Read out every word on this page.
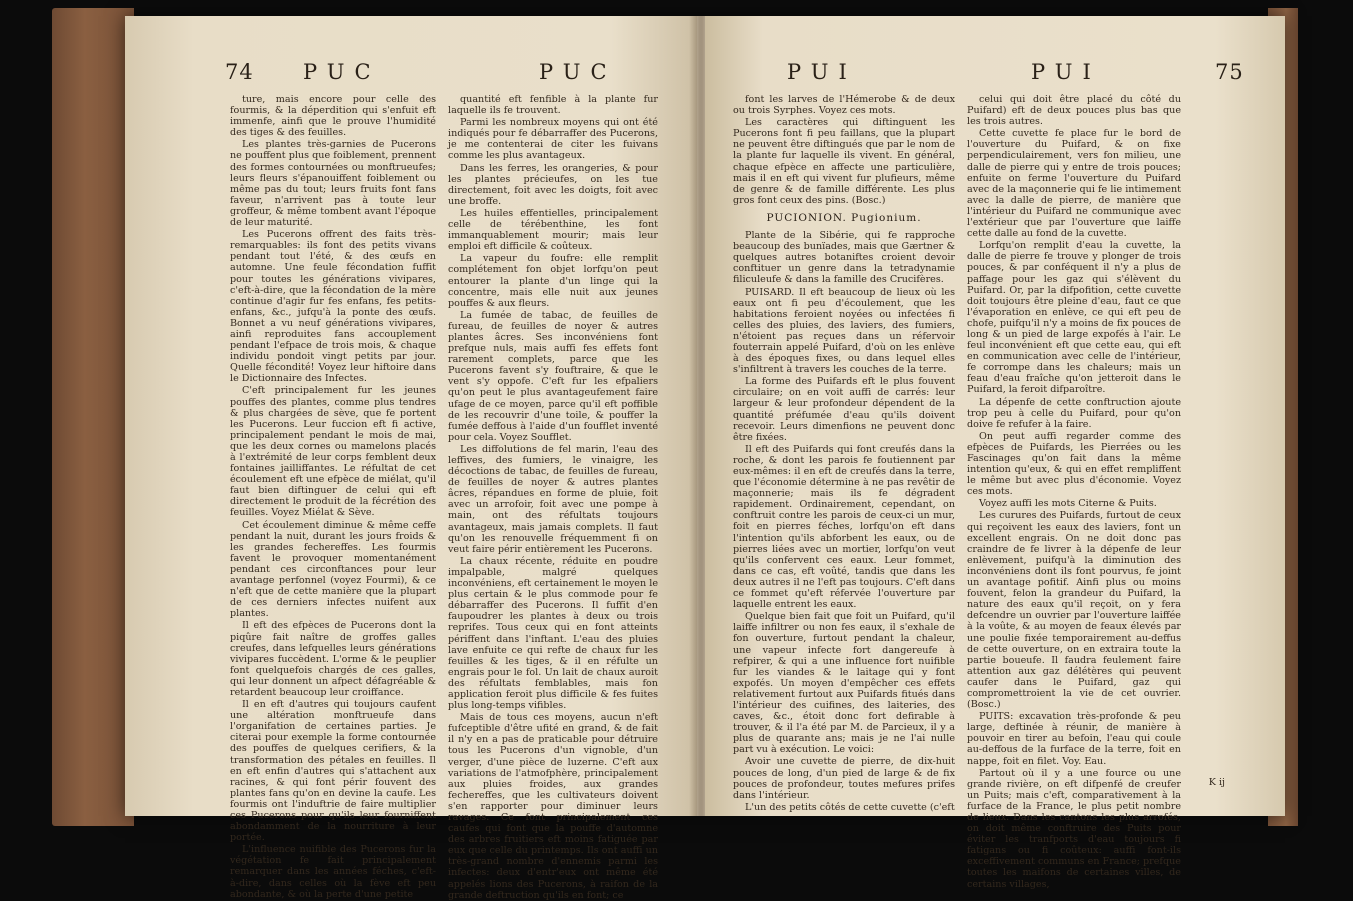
74 PUC	PUC

ture, mais encore pour celle des fourmis, & la déperdition qui s'enfuit eft immenfe, ainfi que le prouve l'humidité des tiges & des feuilles.

Les plantes très-garnies de Pucerons ne pouffent plus que foiblement, prennent des formes contournées ou monftrueufes; leurs fleurs s'épanouiffent foiblement ou même pas du tout; leurs fruits font fans faveur, n'arrivent pas à toute leur groffeur, & même tombent avant l'époque de leur maturité.

Les Pucerons offrent des faits très-remarquables: ils font des petits vivans pendant tout l'été, & des œufs en automne. Une feule fécondation fuffit pour toutes les générations vivipares, c'eft-à-dire, que la fécondation de la mère continue d'agir fur fes enfans, fes petits-enfans, &c., jufqu'à la ponte des œufs. Bonnet a vu neuf générations vivipares, ainfi reproduites fans accouplement pendant l'efpace de trois mois, & chaque individu pondoit vingt petits par jour. Quelle fécondité! Voyez leur hiftoire dans le Dictionnaire des Infectes.

C'eft principalement fur les jeunes pouffes des plantes, comme plus tendres & plus chargées de sève, que fe portent les Pucerons. Leur fuccion eft fi active, principalement pendant le mois de mai, que les deux cornes ou mamelons placés à l'extrémité de leur corps femblent deux fontaines jailliffantes. Le réfultat de cet écoulement eft une efpèce de miélat, qu'il faut bien diftinguer de celui qui eft directement le produit de la fécrétion des feuilles. Voyez Miélat & Sève.

Cet écoulement diminue & même ceffe pendant la nuit, durant les jours froids & les grandes fechereffes. Les fourmis favent le provoquer momentanément pendant ces circonftances pour leur avantage perfonnel (voyez Fourmi), & ce n'eft que de cette manière que la plupart de ces derniers infectes nuifent aux plantes.

Il eft des efpèces de Pucerons dont la piqûre fait naître de groffes galles creufes, dans lefquelles leurs générations vivipares fuccèdent. L'orme & le peuplier font quelquefois chargés de ces galles, qui leur donnent un afpect défagréable & retardent beaucoup leur croiffance.

Il en eft d'autres qui toujours caufent une altération monftrueufe dans l'organifation de certaines parties. Je citerai pour exemple la forme contournée des pouffes de quelques cerifiers, & la transformation des pétales en feuilles. Il en eft enfin d'autres qui s'attachent aux racines, & qui font périr fouvent des plantes fans qu'on en devine la caufe. Les fourmis ont l'induftrie de faire multiplier ces Pucerons pour qu'ils leur fourniffent abondamment de la nourriture à leur portée.

L'influence nuifible des Pucerons fur la végétation fe fait principalement remarquer dans les années féches, c'eft-à-dire, dans celles où la fève eft peu abondante, & où la perte d'une petite

quantité eft fenfible à la plante fur laquelle ils fe trouvent.

Parmi les nombreux moyens qui ont été indiqués pour fe débarraffer des Pucerons, je me contenterai de citer les fuivans comme les plus avantageux.

Dans les ferres, les orangeries, & pour les plantes précieufes, on les tue directement, foit avec les doigts, foit avec une broffe.

Les huiles effentielles, principalement celle de térébenthine, les font immanquablement mourir; mais leur emploi eft difficile & coûteux.

La vapeur du foufre: elle remplit complétement fon objet lorfqu'on peut entourer la plante d'un linge qui la concentre, mais elle nuit aux jeunes pouffes & aux fleurs.

La fumée de tabac, de feuilles de fureau, de feuilles de noyer & autres plantes âcres. Ses inconvéniens font prefque nuls, mais auffi fes effets font rarement complets, parce que les Pucerons favent s'y fouftraire, & que le vent s'y oppofe. C'eft fur les efpaliers qu'on peut le plus avantageufement faire ufage de ce moyen, parce qu'il eft poffible de les recouvrir d'une toile, & pouffer la fumée deffous à l'aide d'un foufflet inventé pour cela. Voyez Soufflet.

Les diffolutions de fel marin, l'eau des leffives, des fumiers, le vinaigre, les décoctions de tabac, de feuilles de fureau, de feuilles de noyer & autres plantes âcres, répandues en forme de pluie, foit avec un arrofoir, foit avec une pompe à main, ont des réfultats toujours avantageux, mais jamais complets. Il faut qu'on les renouvelle fréquemment fi on veut faire périr entièrement les Pucerons.

La chaux récente, réduite en poudre impalpable, malgré quelques inconvéniens, eft certainement le moyen le plus certain & le plus commode pour fe débarraffer des Pucerons. Il fuffit d'en faupoudrer les plantes à deux ou trois reprifes. Tous ceux qui en font atteints périffent dans l'inftant. L'eau des pluies lave enfuite ce qui refte de chaux fur les feuilles & les tiges, & il en réfulte un engrais pour le fol. Un lait de chaux auroit des réfultats femblables, mais fon application feroit plus difficile & fes fuites plus long-temps vifibles.

Mais de tous ces moyens, aucun n'eft fufceptible d'être ufité en grand, & de fait il n'y en a pas de praticable pour détruire tous les Pucerons d'un vignoble, d'un verger, d'une pièce de luzerne. C'eft aux variations de l'atmofphère, principalement aux pluies froides, aux grandes fechereffes, que les cultivateurs doivent s'en rapporter pour diminuer leurs ravages. Ce font principalement ces caufes qui font que la pouffe d'automne des arbres fruitiers eft moins fatiguée par eux que celle du printemps. Ils ont auffi un très-grand nombre d'ennemis parmi les infectes: deux d'entr'eux ont même été appelés lions des Pucerons, à raifon de la grande deftruction qu'ils en font; ce

PUI	PUI	75

font les larves de l'Hémerobe & de deux ou trois Syrphes. Voyez ces mots.

Les caractères qui diftinguent les Pucerons font fi peu faillans, que la plupart ne peuvent être diftingués que par le nom de la plante fur laquelle ils vivent. En général, chaque efpèce en affecte une particulière, mais il en eft qui vivent fur plufieurs, même de genre & de famille différente. Les plus gros font ceux des pins. (Bosc.)

PUCIONION. Pugionium.

Plante de la Sibérie, qui fe rapproche beaucoup des bunïades, mais que Gærtner & quelques autres botaniftes croient devoir conftituer un genre dans la tetradynamie filiculeufe & dans la famille des Crucifères.

PUISARD. Il eft beaucoup de lieux où les eaux ont fi peu d'écoulement, que les habitations feroient noyées ou infectées fi celles des pluies, des laviers, des fumiers, n'étoient pas reçues dans un réfervoir fouterrain appelé Puifard, d'où on les enlève à des époques fixes, ou dans lequel elles s'infiltrent à travers les couches de la terre.

La forme des Puifards eft le plus fouvent circulaire; on en voit auffi de carrés: leur largeur & leur profondeur dépendent de la quantité préfumée d'eau qu'ils doivent recevoir. Leurs dimenfions ne peuvent donc être fixées.

Il eft des Puifards qui font creufés dans la roche, & dont les parois fe foutiennent par eux-mêmes: il en eft de creufés dans la terre, que l'économie détermine à ne pas revêtir de maçonnerie; mais ils fe dégradent rapidement. Ordinairement, cependant, on conftruit contre les parois de ceux-ci un mur, foit en pierres féches, lorfqu'on eft dans l'intention qu'ils abforbent les eaux, ou de pierres liées avec un mortier, lorfqu'on veut qu'ils confervent ces eaux. Leur fommet, dans ce cas, eft voûté, tandis que dans les deux autres il ne l'eft pas toujours. C'eft dans ce fommet qu'eft réfervée l'ouverture par laquelle entrent les eaux.

Quelque bien fait que foit un Puifard, qu'il laiffe infiltrer ou non fes eaux, il s'exhale de fon ouverture, furtout pendant la chaleur, une vapeur infecte fort dangereufe à refpirer, & qui a une influence fort nuifible fur les viandes & le laitage qui y font expofés. Un moyen d'empêcher ces effets relativement furtout aux Puifards fitués dans l'intérieur des cuifines, des laiteries, des caves, &c., étoit donc fort defirable à trouver, & il l'a été par M. de Parcieux, il y a plus de quarante ans; mais je ne l'ai nulle part vu à exécution. Le voici:

Avoir une cuvette de pierre, de dix-huit pouces de long, d'un pied de large & de fix pouces de profondeur, toutes mefures prifes dans l'intérieur.

L'un des petits côtés de cette cuvette (c'eft

celui qui doit être placé du côté du Puifard) eft de deux pouces plus bas que les trois autres.

Cette cuvette fe place fur le bord de l'ouverture du Puifard, & on fixe perpendiculairement, vers fon milieu, une dalle de pierre qui y entre de trois pouces; enfuite on ferme l'ouverture du Puifard avec de la maçonnerie qui fe lie intimement avec la dalle de pierre, de manière que l'intérieur du Puifard ne communique avec l'extérieur que par l'ouverture que laiffe cette dalle au fond de la cuvette.

Lorfqu'on remplit d'eau la cuvette, la dalle de pierre fe trouve y plonger de trois pouces, & par conféquent il n'y a plus de paffage pour les gaz qui s'élèvent du Puifard. Or, par la difpofition, cette cuvette doit toujours être pleine d'eau, faut ce que l'évaporation en enlève, ce qui eft peu de chofe, puifqu'il n'y a moins de fix pouces de long & un pied de large expofés à l'air. Le feul inconvénient eft que cette eau, qui eft en communication avec celle de l'intérieur, fe corrompe dans les chaleurs; mais un feau d'eau fraîche qu'on jetteroit dans le Puifard, la feroit difparoître.

La dépenfe de cette conftruction ajoute trop peu à celle du Puifard, pour qu'on doive fe refufer à la faire.

On peut auffi regarder comme des efpèces de Puifards, les Pierrées ou les Fascinages qu'on fait dans la même intention qu'eux, & qui en effet rempliffent le même but avec plus d'économie. Voyez ces mots.

Voyez auffi les mots Citerne & Puits.

Les curures des Puifards, furtout de ceux qui reçoivent les eaux des laviers, font un excellent engrais. On ne doit donc pas craindre de fe livrer à la dépenfe de leur enlèvement, puifqu'à la diminution des inconvéniens dont ils font pourvus, fe joint un avantage pofitif. Ainfi plus ou moins fouvent, felon la grandeur du Puifard, la nature des eaux qu'il reçoit, on y fera defcendre un ouvrier par l'ouverture laiffée à la voûte, & au moyen de feaux élevés par une poulie fixée temporairement au-deffus de cette ouverture, on en extraira toute la partie boueufe. Il faudra feulement faire attention aux gaz délétères qui peuvent caufer dans le Puifard, gaz qui compromettroient la vie de cet ouvrier. (Bosc.)

PUITS: excavation très-profonde & peu large, deftinée à réunir, de manière à pouvoir en tirer au befoin, l'eau qui coule au-deffous de la furface de la terre, foit en nappe, foit en filet. Voy. Eau.

Partout où il y a une fource ou une grande rivière, on eft difpenfé de creufer un Puits; mais c'eft, comparativement à la furface de la France, le plus petit nombre de lieux. Dans les cantons les plus arrofés, on doit même conftruire des Puits pour éviter les tranfports d'eau toujours fi fatigans ou fi coûteux: auffi font-ils exceffivement communs en France; prefque toutes les maifons de certaines villes, de certains villages,

K ij
